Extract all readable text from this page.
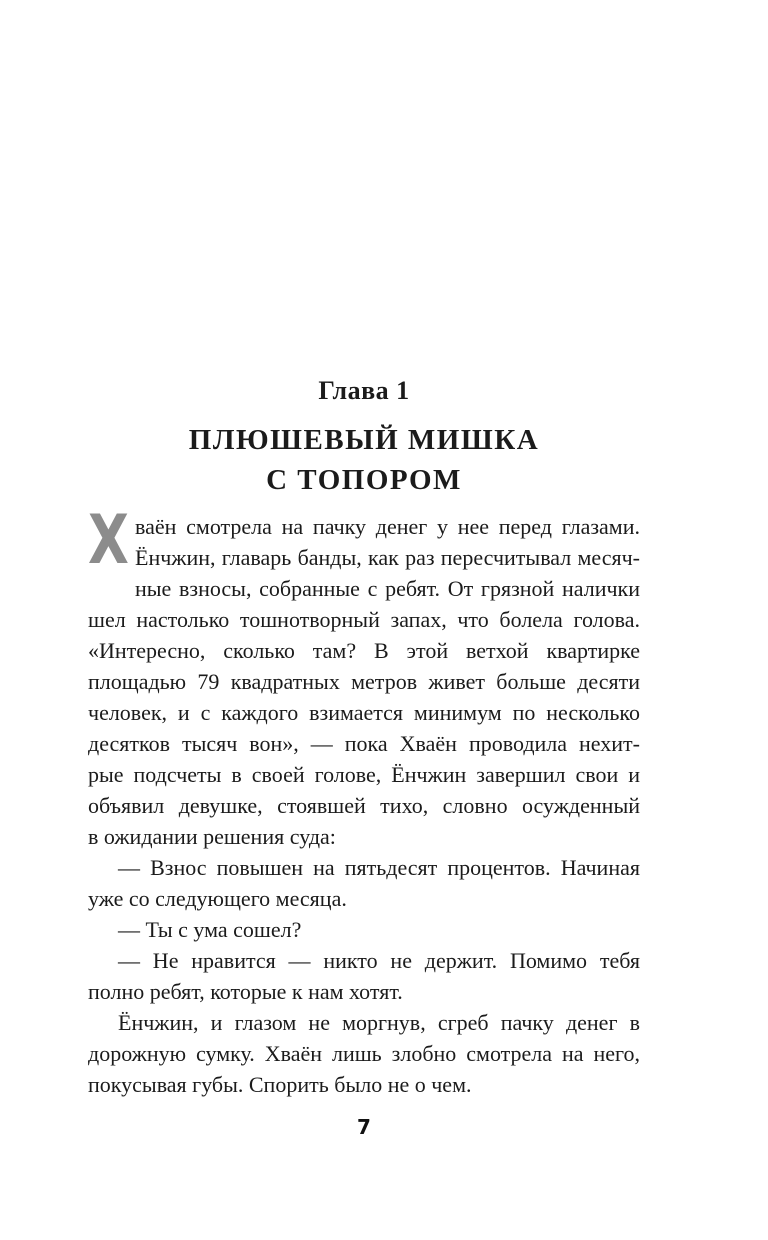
Глава 1
ПЛЮШЕВЫЙ МИШКА
С ТОПОРОМ
Х ваён смотрела на пачку денег у нее перед глазами.
Ёнчжин, главарь банды, как раз пересчитывал месяч-
ные взносы, собранные с ребят. От грязной налички
шел настолько тошнотворный запах, что болела голова.
«Интересно, сколько там? В этой ветхой квартирке
площадью 79 квадратных метров живет больше десяти
человек, и с каждого взимается минимум по несколько
десятков тысяч вон», — пока Хваён проводила нехит-
рые подсчеты в своей голове, Ёнчжин завершил свои и
объявил девушке, стоявшей тихо, словно осужденный
в ожидании решения суда:
— Взнос повышен на пятьдесят процентов. Начиная
уже со следующего месяца.
— Ты с ума сошел?
— Не нравится — никто не держит. Помимо тебя
полно ребят, которые к нам хотят.
Ёнчжин, и глазом не моргнув, сгреб пачку денег в
дорожную сумку. Хваён лишь злобно смотрела на него,
покусывая губы. Спорить было не о чем.
7
